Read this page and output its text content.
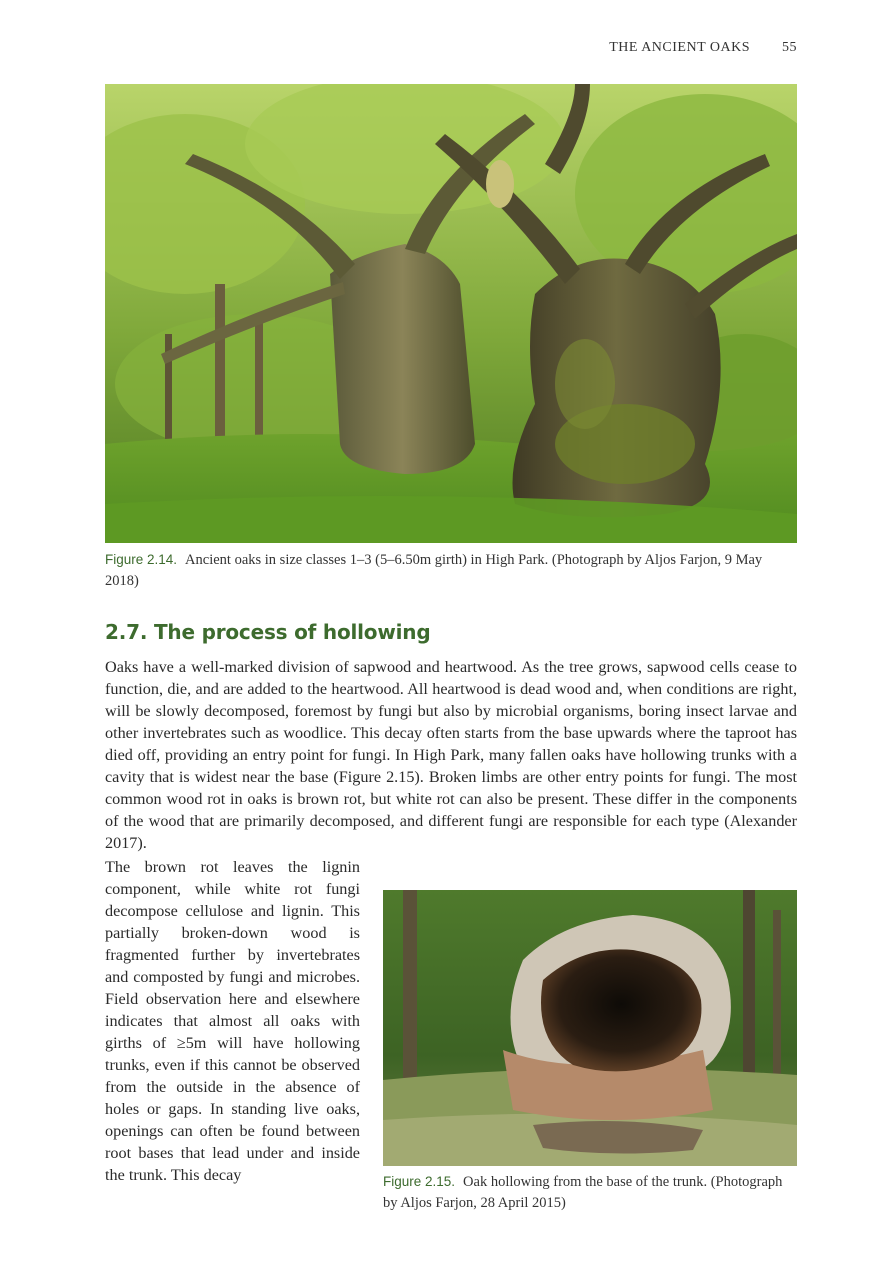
THE ANCIENT OAKS 55
Figure 2.14. Ancient oaks in size classes 1–3 (5–6.50m girth) in High Park. (Photograph by Aljos Farjon, 9 May 2018)
2.7. The process of hollowing

Oaks have a well-marked division of sapwood and heartwood. As the tree grows, sapwood cells cease to function, die, and are added to the heartwood. All heartwood is dead wood and, when conditions are right, will be slowly decomposed, foremost by fungi but also by microbial organisms, boring insect larvae and other invertebrates such as woodlice. This decay often starts from the base upwards where the taproot has died off, providing an entry point for fungi. In High Park, many fallen oaks have hollowing trunks with a cavity that is widest near the base (Figure 2.15). Broken limbs are other entry points for fungi. The most common wood rot in oaks is brown rot, but white rot can also be present. These differ in the components of the wood that are primarily decomposed, and different fungi are responsible for each type (Alexander 2017).

The brown rot leaves the lignin component, while white rot fungi decompose cellulose and lignin. This partially broken-down wood is fragmented further by invertebrates and composted by fungi and microbes. Field observation here and elsewhere indicates that almost all oaks with girths of ≥5m will have hollowing trunks, even if this cannot be observed from the outside in the absence of holes or gaps. In standing live oaks, openings can often be found between root bases that lead under and inside the trunk. This decay	Figure 2.15. Oak hollowing from the base of the trunk. (Photograph by Aljos Farjon, 28 April 2015)
